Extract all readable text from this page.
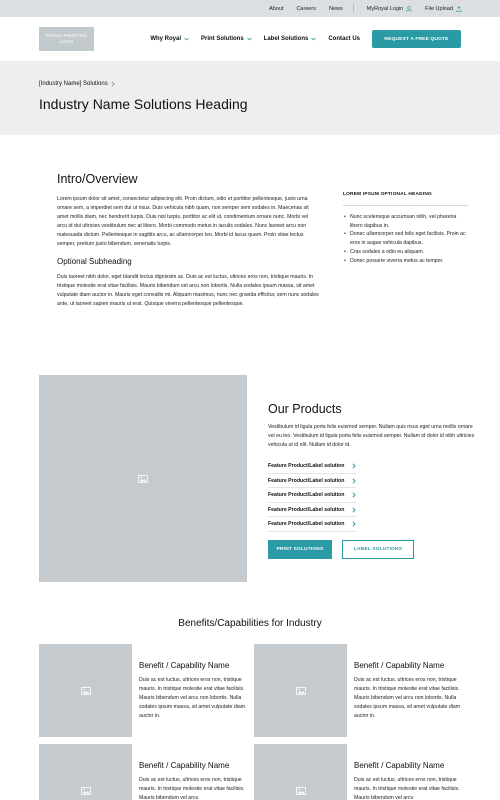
About Careers News	MyRoyal Login	File Upload
ROYAL PRINTING
LOGO	Why Royal	Print Solutions	Label Solutions	Contact Us	REQUEST A FREE QUOTE
[Industry Name] Solutions
Industry Name Solutions Heading
Intro/Overview

Lorem ipsum dolor sit amet, consectetur adipiscing elit. Proin dictum, odio et porttitor pellentesque, justo urna ornare sem, a imperdiet sem dui ut risus. Duis vehicula nibh quam, non semper sem sodales in. Maecenas sit amet mollis diam, nec hendrerit turpis. Duis nisl turpis, porttitor ac elit ut, condimentum ornare nunc. Morbi vel arcu id dui ultricies vestibulum nec at libero. Morbi commodo metus in iaculis sodales. Nunc laoreet arcu non malesuada dictum. Pellentesque in sagittis arcu, ac ullamcorper leo. Morbi id lacus quam. Proin vitae lectus semper, pretium justo bibendum, venenatis turpis.

Optional Subheading

Duis laoreet nibh dolor, eget blandit lectus dignissim ac. Duis ac est luctus, ultrices eros non, tristique mauris. In tristique molestie erat vitae facilisis. Mauris bibendum vel arcu non lobortis. Nulla sodales ipsum massa, sit amet vulputate diam auctor in. Mauris eget convallis mi. Aliquam maximus, nunc nec gravida efficitur, sem nunc sodales ante, ut laoreet sapien mauris ut erat. Quisque viverra pellentesque pellentesque.

LOREM IPSUM OPTIONAL HEADING
• Nunc scelerisque accumsan nibh, vel pharetra libero dapibus in.
• Donec ullamcorper sed felis eget facilisis. Proin ac eros in augue vehicula dapibus.
• Cras sodales a odio eu aliquam.
• Donec posuere viverra metus ac tempor.
Our Products

Vestibulum id ligula porta felis euismod semper. Nullam quis risus eget urna mollis ornare vel eu leo. Vestibulum id ligula porta felis euismod semper. Nullam id dolor id nibh ultricies vehicula ut id elit. Nullam id dolor id.

Feature Product/Label solution
Feature Product/Label solution
Feature Product/Label solution
Feature Product/Label solution
Feature Product/Label solution
PRINT SOLUTIONS	LABEL SOLUTIONS
Benefits/Capabilities for Industry
Benefit / Capability Name

Duis ac est luctus, ultrices eros non, tristique mauris. In tristique molestie erat vitae facilisis. Mauris bibendum vel arcu non lobortis. Nulla sodales ipsum massa, sit amet vulputate diam auctor in.

Benefit / Capability Name

Duis ac est luctus, ultrices eros non, tristique mauris. In tristique molestie erat vitae facilisis. Mauris bibendum vel arcu non lobortis. Nulla sodales ipsum massa, sit amet vulputate diam auctor in.

Benefit / Capability Name

Duis ac est luctus, ultrices eros non, tristique mauris. In tristique molestie erat vitae facilisis. Mauris bibendum vel arcu

Benefit / Capability Name

Duis ac est luctus, ultrices eros non, tristique mauris. In tristique molestie erat vitae facilisis. Mauris bibendum vel arcu
